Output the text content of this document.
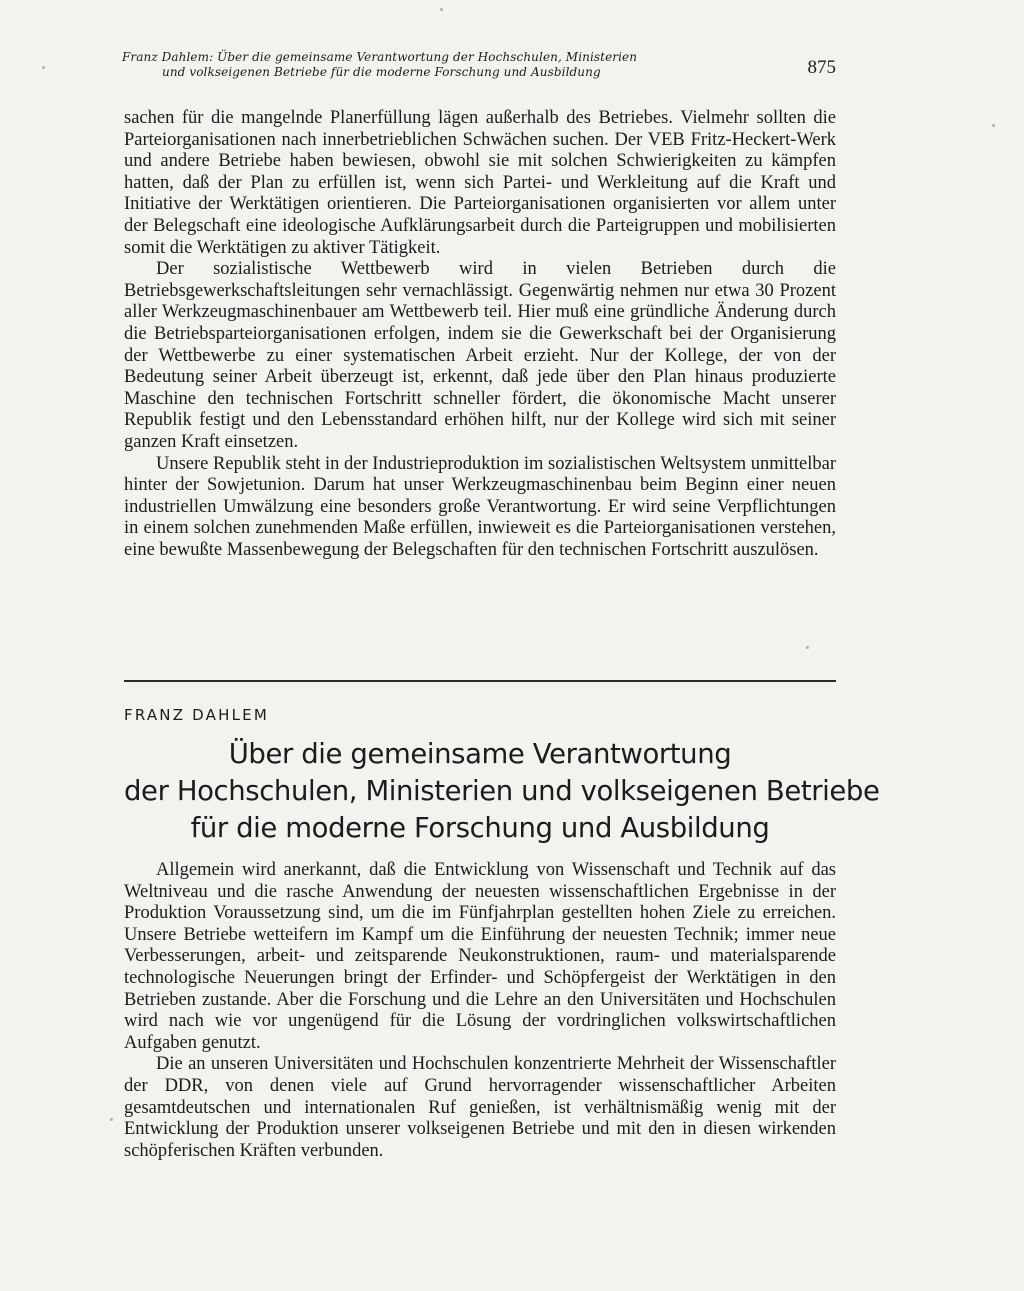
Franz Dahlem: Über die gemeinsame Verantwortung der Hochschulen, Ministerien
und volkseigenen Betriebe für die moderne Forschung und Ausbildung	875

sachen für die mangelnde Planerfüllung lägen außerhalb des Betriebes. Vielmehr sollten die Parteiorganisationen nach innerbetrieblichen Schwächen suchen. Der VEB Fritz-Heckert-Werk und andere Betriebe haben bewiesen, obwohl sie mit solchen Schwierigkeiten zu kämpfen hatten, daß der Plan zu erfüllen ist, wenn sich Partei- und Werkleitung auf die Kraft und Initiative der Werktätigen orientieren. Die Parteiorganisationen organisierten vor allem unter der Belegschaft eine ideologische Aufklärungsarbeit durch die Parteigruppen und mobilisierten somit die Werktätigen zu aktiver Tätigkeit.

Der sozialistische Wettbewerb wird in vielen Betrieben durch die Betriebsgewerkschaftsleitungen sehr vernachlässigt. Gegenwärtig nehmen nur etwa 30 Prozent aller Werkzeugmaschinenbauer am Wettbewerb teil. Hier muß eine gründliche Änderung durch die Betriebsparteiorganisationen erfolgen, indem sie die Gewerkschaft bei der Organisierung der Wettbewerbe zu einer systematischen Arbeit erzieht. Nur der Kollege, der von der Bedeutung seiner Arbeit überzeugt ist, erkennt, daß jede über den Plan hinaus produzierte Maschine den technischen Fortschritt schneller fördert, die ökonomische Macht unserer Republik festigt und den Lebensstandard erhöhen hilft, nur der Kollege wird sich mit seiner ganzen Kraft einsetzen.

Unsere Republik steht in der Industrieproduktion im sozialistischen Weltsystem unmittelbar hinter der Sowjetunion. Darum hat unser Werkzeugmaschinenbau beim Beginn einer neuen industriellen Umwälzung eine besonders große Verantwortung. Er wird seine Verpflichtungen in einem solchen zunehmenden Maße erfüllen, inwieweit es die Parteiorganisationen verstehen, eine bewußte Massenbewegung der Belegschaften für den technischen Fortschritt auszulösen.

FRANZ DAHLEM
Über die gemeinsame Verantwortung
der Hochschulen, Ministerien und volkseigenen Betriebe
für die moderne Forschung und Ausbildung

Allgemein wird anerkannt, daß die Entwicklung von Wissenschaft und Technik auf das Weltniveau und die rasche Anwendung der neuesten wissenschaftlichen Ergebnisse in der Produktion Voraussetzung sind, um die im Fünfjahrplan gestellten hohen Ziele zu erreichen. Unsere Betriebe wetteifern im Kampf um die Einführung der neuesten Technik; immer neue Verbesserungen, arbeit- und zeitsparende Neukonstruktionen, raum- und materialsparende technologische Neuerungen bringt der Erfinder- und Schöpfergeist der Werktätigen in den Betrieben zustande. Aber die Forschung und die Lehre an den Universitäten und Hochschulen wird nach wie vor ungenügend für die Lösung der vordringlichen volkswirtschaftlichen Aufgaben genutzt.

Die an unseren Universitäten und Hochschulen konzentrierte Mehrheit der Wissenschaftler der DDR, von denen viele auf Grund hervorragender wissenschaftlicher Arbeiten gesamtdeutschen und internationalen Ruf genießen, ist verhältnismäßig wenig mit der Entwicklung der Produktion unserer volkseigenen Betriebe und mit den in diesen wirkenden schöpferischen Kräften verbunden.
